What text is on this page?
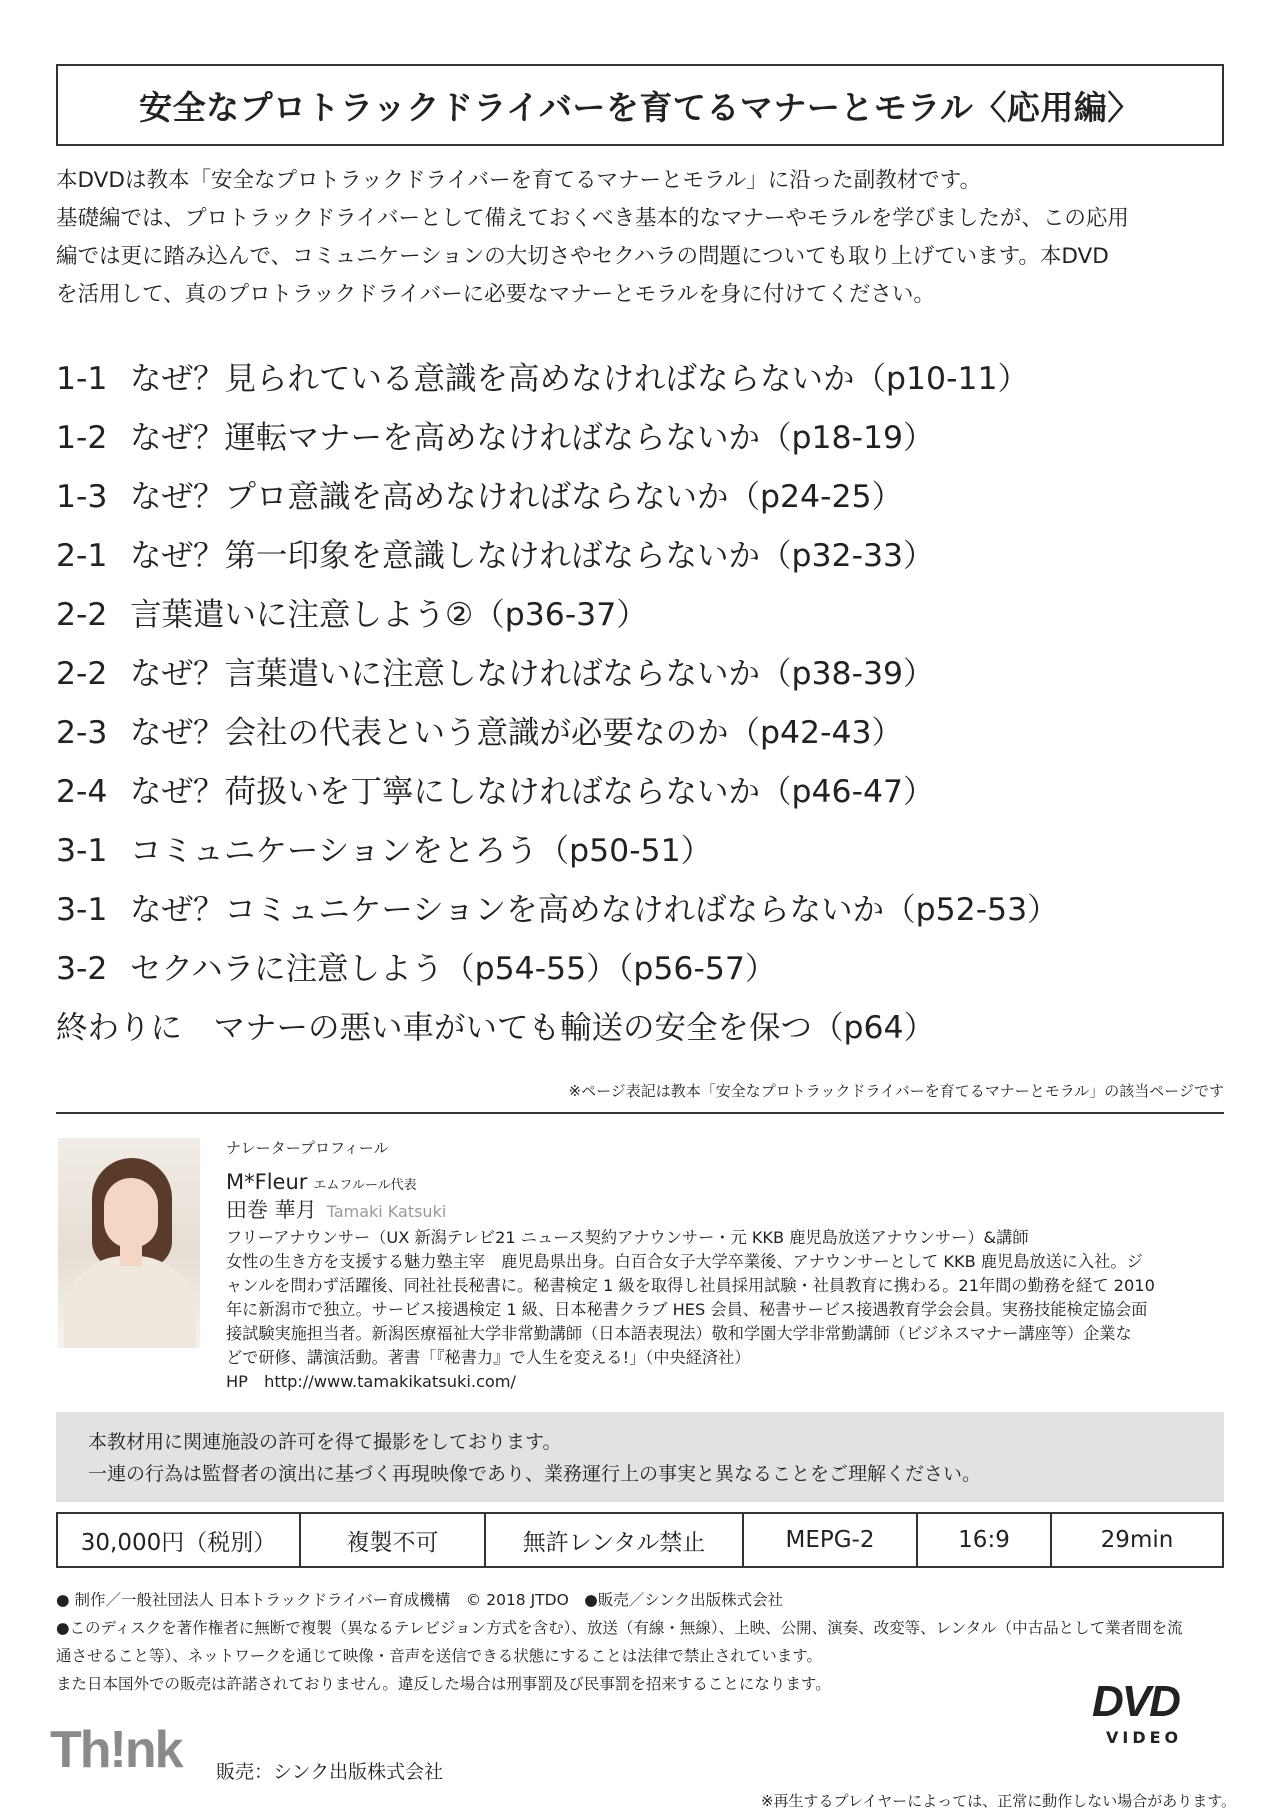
安全なプロトラックドライバーを育てるマナーとモラル〈応用編〉
本DVDは教本「安全なプロトラックドライバーを育てるマナーとモラル」に沿った副教材です。
基礎編では、プロトラックドライバーとして備えておくべき基本的なマナーやモラルを学びましたが、この応用
編では更に踏み込んで、コミュニケーションの大切さやセクハラの問題についても取り上げています。本DVD
を活用して、真のプロトラックドライバーに必要なマナーとモラルを身に付けてください。
1-1 なぜ？見られている意識を高めなければならないか（p10-11）
1-2 なぜ？運転マナーを高めなければならないか（p18-19）
1-3 なぜ？プロ意識を高めなければならないか（p24-25）
2-1 なぜ？第一印象を意識しなければならないか（p32-33）
2-2 言葉遣いに注意しよう②（p36-37）
2-2 なぜ？言葉遣いに注意しなければならないか（p38-39）
2-3 なぜ？会社の代表という意識が必要なのか（p42-43）
2-4 なぜ？荷扱いを丁寧にしなければならないか（p46-47）
3-1 コミュニケーションをとろう（p50-51）
3-1 なぜ？コミュニケーションを高めなければならないか（p52-53）
3-2 セクハラに注意しよう（p54-55）（p56-57）
終わりに　マナーの悪い車がいても輸送の安全を保つ（p64）
※ページ表記は教本「安全なプロトラックドライバーを育てるマナーとモラル」の該当ページです
ナレータープロフィール
M*Fleur エムフルール代表
田巻 華月 Tamaki Katsuki
フリーアナウンサー（UX 新潟テレビ21 ニュース契約アナウンサー・元 KKB 鹿児島放送アナウンサー）&講師
女性の生き方を支援する魅力塾主宰　鹿児島県出身。白百合女子大学卒業後、アナウンサーとして KKB 鹿児島放送に入社。ジ
ャンルを問わず活躍後、同社社長秘書に。秘書検定 1 級を取得し社員採用試験・社員教育に携わる。21年間の勤務を経て 2010
年に新潟市で独立。サービス接遇検定 1 級、日本秘書クラブ HES 会員、秘書サービス接遇教育学会会員。実務技能検定協会面
接試験実施担当者。新潟医療福祉大学非常勤講師（日本語表現法）敬和学園大学非常勤講師（ビジネスマナー講座等）企業な
どで研修、講演活動。著書「『秘書力』で人生を変える!」（中央経済社）
HP　http://www.tamakikatsuki.com/
本教材用に関連施設の許可を得て撮影をしております。
一連の行為は監督者の演出に基づく再現映像であり、業務運行上の事実と異なることをご理解ください。
30,000円（税別）	複製不可	無許レンタル禁止	MEPG-2	16:9	29min
● 制作／一般社団法人 日本トラックドライバー育成機構　© 2018 JTDO　●販売／シンク出版株式会社
●このディスクを著作権者に無断で複製（異なるテレビジョン方式を含む）、放送（有線・無線）、上映、公開、演奏、改変等、レンタル（中古品として業者間を流
通させること等）、ネットワークを通じて映像・音声を送信できる状態にすることは法律で禁止されています。
また日本国外での販売は許諾されておりません。違反した場合は刑事罰及び民事罰を招来することになります。
Th!nk 販売：シンク出版株式会社
DVD
VIDEO
※再生するプレイヤーによっては、正常に動作しない場合があります。
